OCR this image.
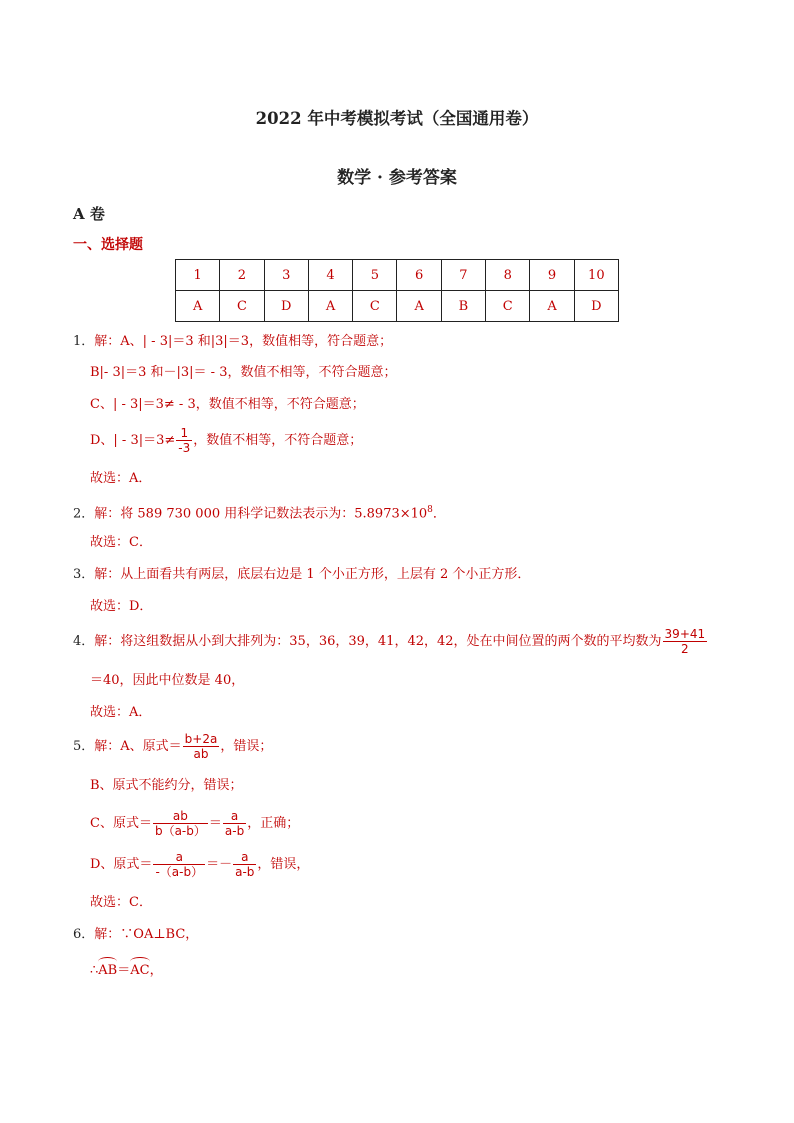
2022 年中考模拟考试（全国通用卷）
数学 · 参考答案
A 卷
一、选择题
1	2	3	4	5	6	7	8	9	10
A	C	D	A	C	A	B	C	A	D
1．解：A、| - 3|＝3 和|3|＝3，数值相等，符合题意；
B|- 3|＝3 和－|3|＝ - 3，数值不相等，不符合题意；
C、| - 3|＝3≠ - 3，数值不相等，不符合题意；
D、| - $3|=3\ne \frac{1}{-3}$ ，数值不相等，不符合题意；
故选：A．
2．解：将 589 730 000 用科学记数法表示为：$5.8973\times 10^8$．
故选：C．
3．解：从上面看共有两层，底层右边是 1 个小正方形，上层有 2 个小正方形．
故选：D．
4．解：将这组数据从小到大排列为：35，36，39，41，42，42，处在中间位置的两个数的平均数为 $\frac{39+41}{2}$
＝40，因此中位数是 40，
故选：A．
5．解：A、原式＝ $\frac{b+2a}{ab}$ ，错误；
B、原式不能约分，错误；
C、原式＝ $\frac{ab}{b(a-b)} = \frac{a}{a-b}$ ，正确；
D、原式＝ $\frac{a}{-(a-b)} =- \frac{a}{a-b}$ ，错误，
故选：C．
6．解：∵OA⊥BC，
∴AB＝AC，
